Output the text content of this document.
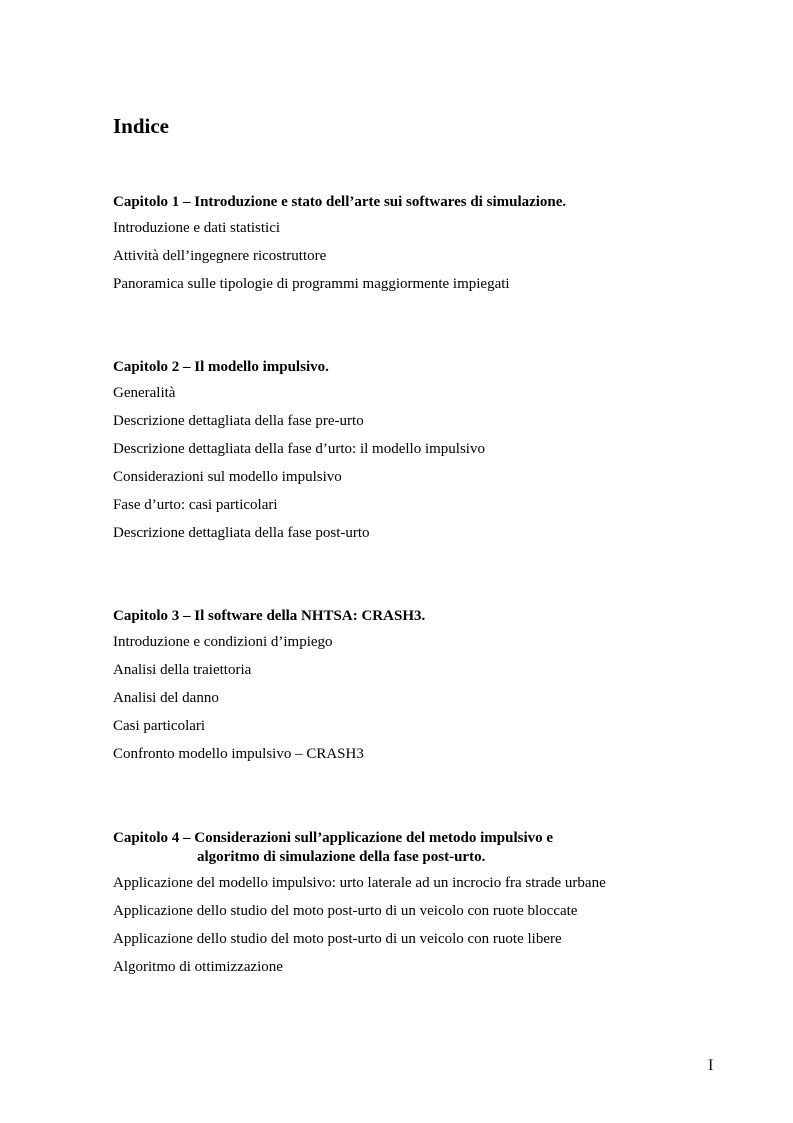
Indice
Capitolo 1 – Introduzione e stato dell’arte sui softwares di simulazione.
Introduzione e dati statistici
Attività dell’ingegnere ricostruttore
Panoramica sulle tipologie di programmi maggiormente impiegati
Capitolo 2 – Il modello impulsivo.
Generalità
Descrizione dettagliata della fase pre-urto
Descrizione dettagliata della fase d’urto: il modello impulsivo
Considerazioni sul modello impulsivo
Fase d’urto: casi particolari
Descrizione dettagliata della fase post-urto
Capitolo 3 – Il software della NHTSA: CRASH3.
Introduzione e condizioni d’impiego
Analisi della traiettoria
Analisi del danno
Casi particolari
Confronto modello impulsivo – CRASH3
Capitolo 4 – Considerazioni sull’applicazione del metodo impulsivo e
algoritmo di simulazione della fase post-urto.
Applicazione del modello impulsivo: urto laterale ad un incrocio fra strade urbane
Applicazione dello studio del moto post-urto di un veicolo con ruote bloccate
Applicazione dello studio del moto post-urto di un veicolo con ruote libere
Algoritmo di ottimizzazione
I
